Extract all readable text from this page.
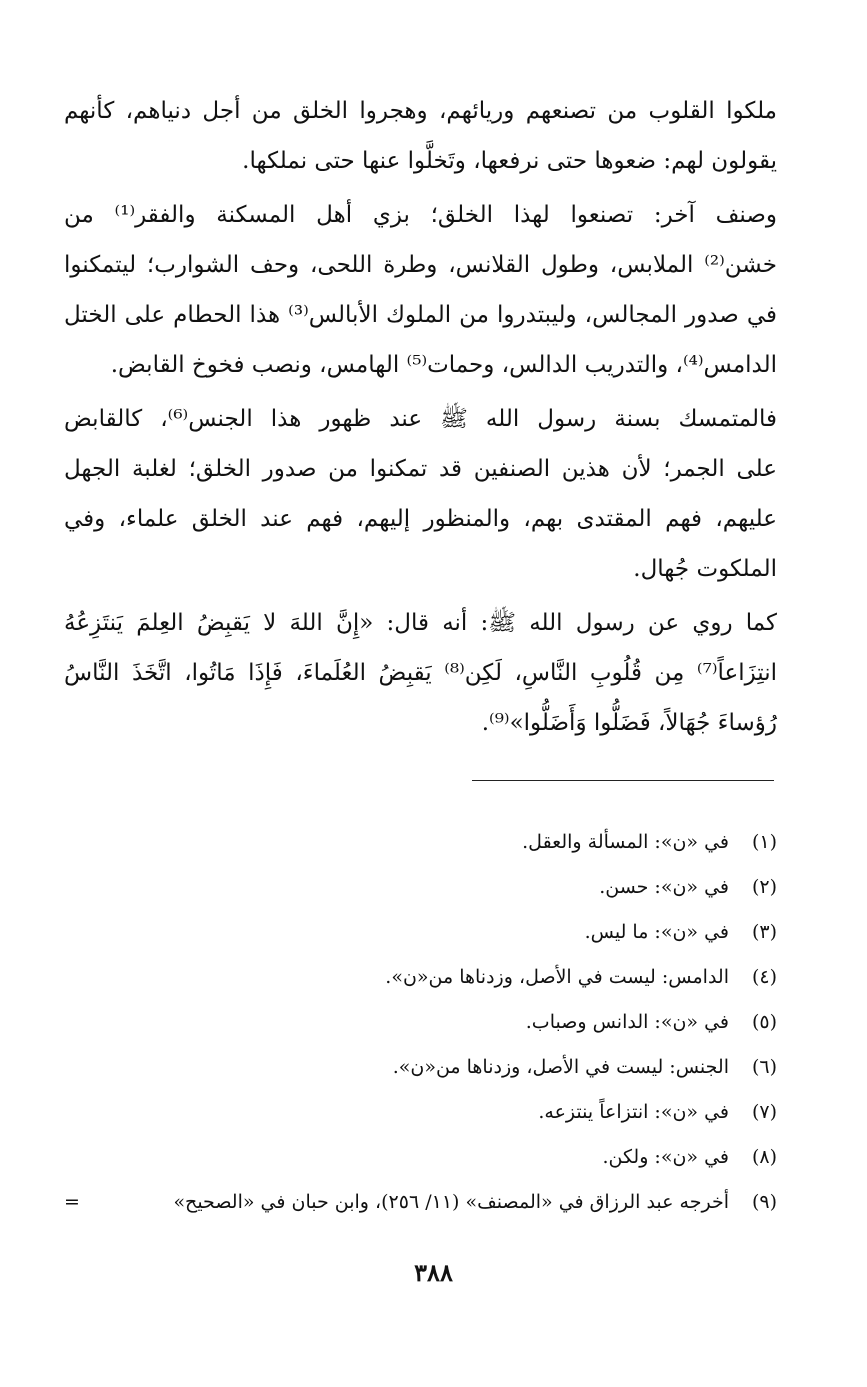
ملكوا القلوب من تصنعهم وريائهم، وهجروا الخلق من أجل دنياهم، كأنهم
يقولون لهم: ضعوها حتى نرفعها، وتَخلَّوا عنها حتى نملكها.

وصنف آخر: تصنعوا لهذا الخلق؛ بزي أهل المسكنة والفقر⁽¹⁾ من
خشن⁽²⁾ الملابس، وطول القلانس، وطرة اللحى، وحف الشوارب؛ ليتمكنوا
في صدور المجالس، وليبتدروا من الملوك الأبالس⁽³⁾ هذا الحطام على الختل
الدامس⁽⁴⁾، والتدريب الدالس، وحمات⁽⁵⁾ الهامس، ونصب فخوخ القابض.

فالمتمسك بسنة رسول الله ﷺ عند ظهور هذا الجنس⁽⁶⁾، كالقابض
على الجمر؛ لأن هذين الصنفين قد تمكنوا من صدور الخلق؛ لغلبة الجهل
عليهم، فهم المقتدى بهم، والمنظور إليهم، فهم عند الخلق علماء، وفي
الملكوت جُهال.

كما روي عن رسول الله ﷺ: أنه قال: «إِنَّ اللهَ لا يَقبِضُ العِلمَ يَنتَزِعُهُ
انتِزَاعاً⁽⁷⁾ مِن قُلُوبِ النَّاسِ، لَكِن⁽⁸⁾ يَقبِضُ العُلَماءَ، فَإِذَا مَاتُوا، اتَّخَذَ النَّاسُ
رُؤساءَ جُهَالاً، فَضَلُّوا وَأَضَلُّوا»⁽⁹⁾.

(١)
في «ن»: المسألة والعقل.
(٢)
في «ن»: حسن.
(٣)
في «ن»: ما ليس.
(٤)
الدامس: ليست في الأصل، وزدناها من«ن».
(٥)
في «ن»: الدانس وصباب.
(٦)
الجنس: ليست في الأصل، وزدناها من«ن».
(٧)
في «ن»: انتزاعاً ينتزعه.
(٨)
في «ن»: ولكن.
(٩)أخرجه عبد الرزاق في «المصنف» (١١/ ٢٥٦)، وابن حبان في «الصحيح»
=
٣٨٨
